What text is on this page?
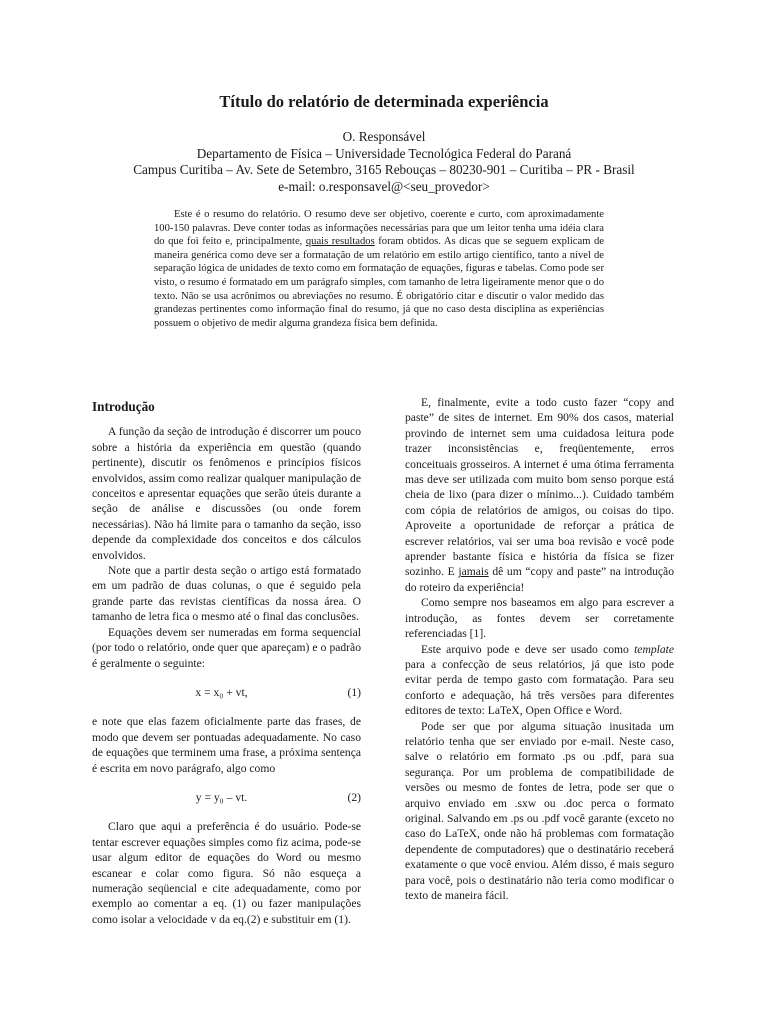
Título do relatório de determinada experiência
O. Responsável
Departamento de Física – Universidade Tecnológica Federal do Paraná
Campus Curitiba – Av. Sete de Setembro, 3165 Rebouças – 80230-901 – Curitiba – PR - Brasil
e-mail: o.responsavel@<seu_provedor>

Este é o resumo do relatório. O resumo deve ser objetivo, coerente e curto, com aproximadamente 100-150 palavras. Deve conter todas as informações necessárias para que um leitor tenha uma idéia clara do que foi feito e, principalmente, quais resultados foram obtidos. As dicas que se seguem explicam de maneira genérica como deve ser a formatação de um relatório em estilo artigo científico, tanto a nível de separação lógica de unidades de texto como em formatação de equações, figuras e tabelas. Como pode ser visto, o resumo é formatado em um parágrafo simples, com tamanho de letra ligeiramente menor que o do texto. Não se usa acrônimos ou abreviações no resumo. É obrigatório citar e discutir o valor medido das grandezas pertinentes como informação final do resumo, já que no caso desta disciplina as experiências possuem o objetivo de medir alguma grandeza física bem definida.

Introdução

A função da seção de introdução é discorrer um pouco sobre a história da experiência em questão (quando pertinente), discutir os fenômenos e princípios físicos envolvidos, assim como realizar qualquer manipulação de conceitos e apresentar equações que serão úteis durante a seção de análise e discussões (ou onde forem necessárias). Não há limite para o tamanho da seção, isso depende da complexidade dos conceitos e dos cálculos envolvidos.

Note que a partir desta seção o artigo está formatado em um padrão de duas colunas, o que é seguido pela grande parte das revistas científicas da nossa área. O tamanho de letra fica o mesmo até o final das conclusões.

Equações devem ser numeradas em forma sequencial (por todo o relatório, onde quer que apareçam) e o padrão é geralmente o seguinte:

x = x₀ + vt,	(1)

e note que elas fazem oficialmente parte das frases, de modo que devem ser pontuadas adequadamente. No caso de equações que terminem uma frase, a próxima sentença é escrita em novo parágrafo, algo como

y = y₀ – vt.	(2)

Claro que aqui a preferência é do usuário. Pode-se tentar escrever equações simples como fiz acima, pode-se usar algum editor de equações do Word ou mesmo escanear e colar como figura. Só não esqueça a numeração seqüencial e cite adequadamente, como por exemplo ao comentar a eq. (1) ou fazer manipulações como isolar a velocidade v da eq.(2) e substituir em (1).

E, finalmente, evite a todo custo fazer “copy and paste” de sites de internet. Em 90% dos casos, material provindo de internet sem uma cuidadosa leitura pode trazer inconsistências e, freqüentemente, erros conceituais grosseiros. A internet é uma ótima ferramenta mas deve ser utilizada com muito bom senso porque está cheia de lixo (para dizer o mínimo...). Cuidado também com cópia de relatórios de amigos, ou coisas do tipo. Aproveite a oportunidade de reforçar a prática de escrever relatórios, vai ser uma boa revisão e você pode aprender bastante física e história da física se fizer sozinho. E jamais dê um “copy and paste” na introdução do roteiro da experiência!

Como sempre nos baseamos em algo para escrever a introdução, as fontes devem ser corretamente referenciadas [1].

Este arquivo pode e deve ser usado como template para a confecção de seus relatórios, já que isto pode evitar perda de tempo gasto com formatação. Para seu conforto e adequação, há três versões para diferentes editores de texto: LaTeX, Open Office e Word.

Pode ser que por alguma situação inusitada um relatório tenha que ser enviado por e-mail. Neste caso, salve o relatório em formato .ps ou .pdf, para sua segurança. Por um problema de compatibilidade de versões ou mesmo de fontes de letra, pode ser que o arquivo enviado em .sxw ou .doc perca o formato original. Salvando em .ps ou .pdf você garante (exceto no caso do LaTeX, onde não há problemas com formatação dependente de computadores) que o destinatário receberá exatamente o que você enviou. Além disso, é mais seguro para você, pois o destinatário não teria como modificar o texto de maneira fácil.
